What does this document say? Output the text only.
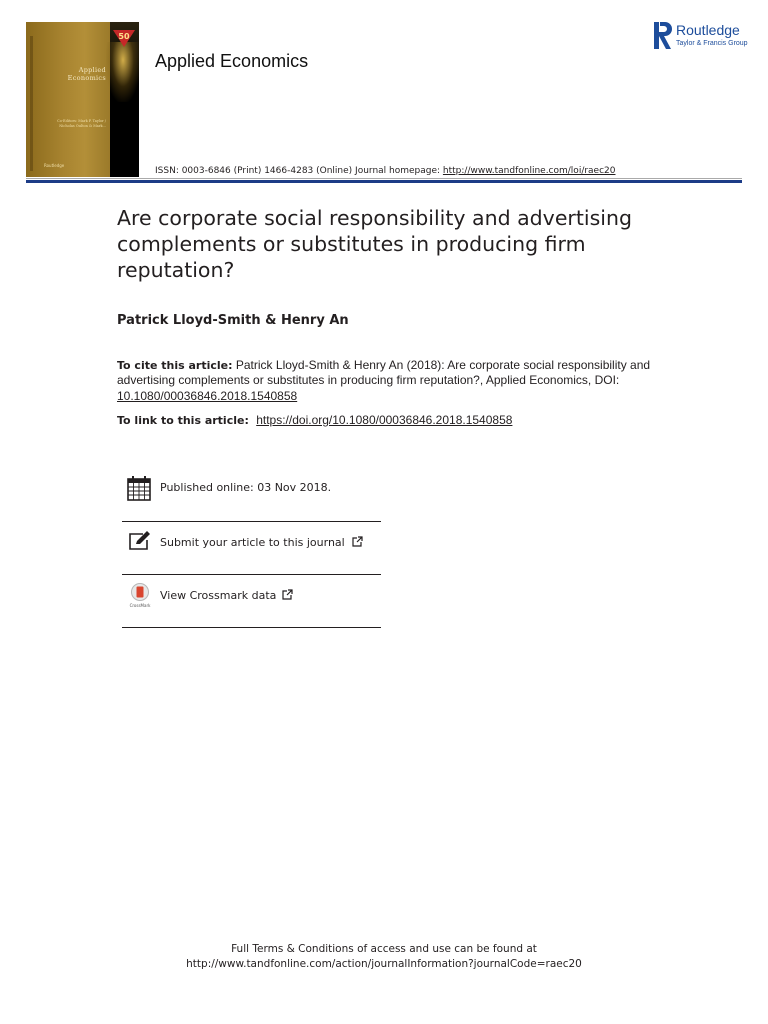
50
Applied
Economics
Co-Editors: Mark P. Taylor / Nicholas Oulton & Mark...
Routledge
Applied Economics
Routledge
Taylor & Francis Group
ISSN: 0003-6846 (Print) 1466-4283 (Online) Journal homepage: http://www.tandfonline.com/loi/raec20
Are corporate social responsibility and advertising complements or substitutes in producing firm reputation?
Patrick Lloyd-Smith & Henry An
To cite this article: Patrick Lloyd-Smith & Henry An (2018): Are corporate social responsibility and advertising complements or substitutes in producing firm reputation?, Applied Economics, DOI: 10.1080/00036846.2018.1540858
To link to this article: https://doi.org/10.1080/00036846.2018.1540858
Published online: 03 Nov 2018.
Submit your article to this journal
CrossMark
View Crossmark data
Full Terms & Conditions of access and use can be found at
http://www.tandfonline.com/action/journalInformation?journalCode=raec20
